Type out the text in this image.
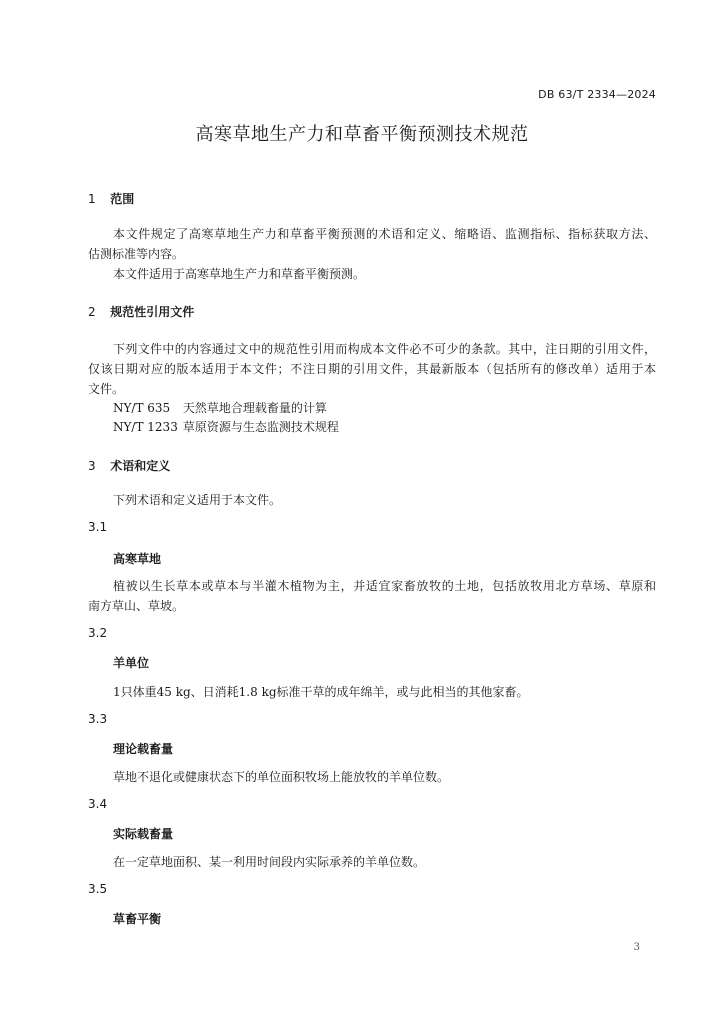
DB 63/T 2334—2024
高寒草地生产力和草畜平衡预测技术规范
1 范围
本文件规定了高寒草地生产力和草畜平衡预测的术语和定义、缩略语、监测指标、指标获取方法、
估测标准等内容。
本文件适用于高寒草地生产力和草畜平衡预测。
2 规范性引用文件
下列文件中的内容通过文中的规范性引用而构成本文件必不可少的条款。其中，注日期的引用文件，
仅该日期对应的版本适用于本文件；不注日期的引用文件，其最新版本（包括所有的修改单）适用于本
文件。
NY/T 635 天然草地合理载畜量的计算
NY/T 1233 草原资源与生态监测技术规程
3 术语和定义
下列术语和定义适用于本文件。
3.1
高寒草地
植被以生长草本或草本与半灌木植物为主，并适宜家畜放牧的土地，包括放牧用北方草场、草原和
南方草山、草坡。
3.2
羊单位
1只体重45 kg、日消耗1.8 kg标准干草的成年绵羊，或与此相当的其他家畜。
3.3
理论载畜量
草地不退化或健康状态下的单位面积牧场上能放牧的羊单位数。
3.4
实际载畜量
在一定草地面积、某一利用时间段内实际承养的羊单位数。
3.5
草畜平衡
3
